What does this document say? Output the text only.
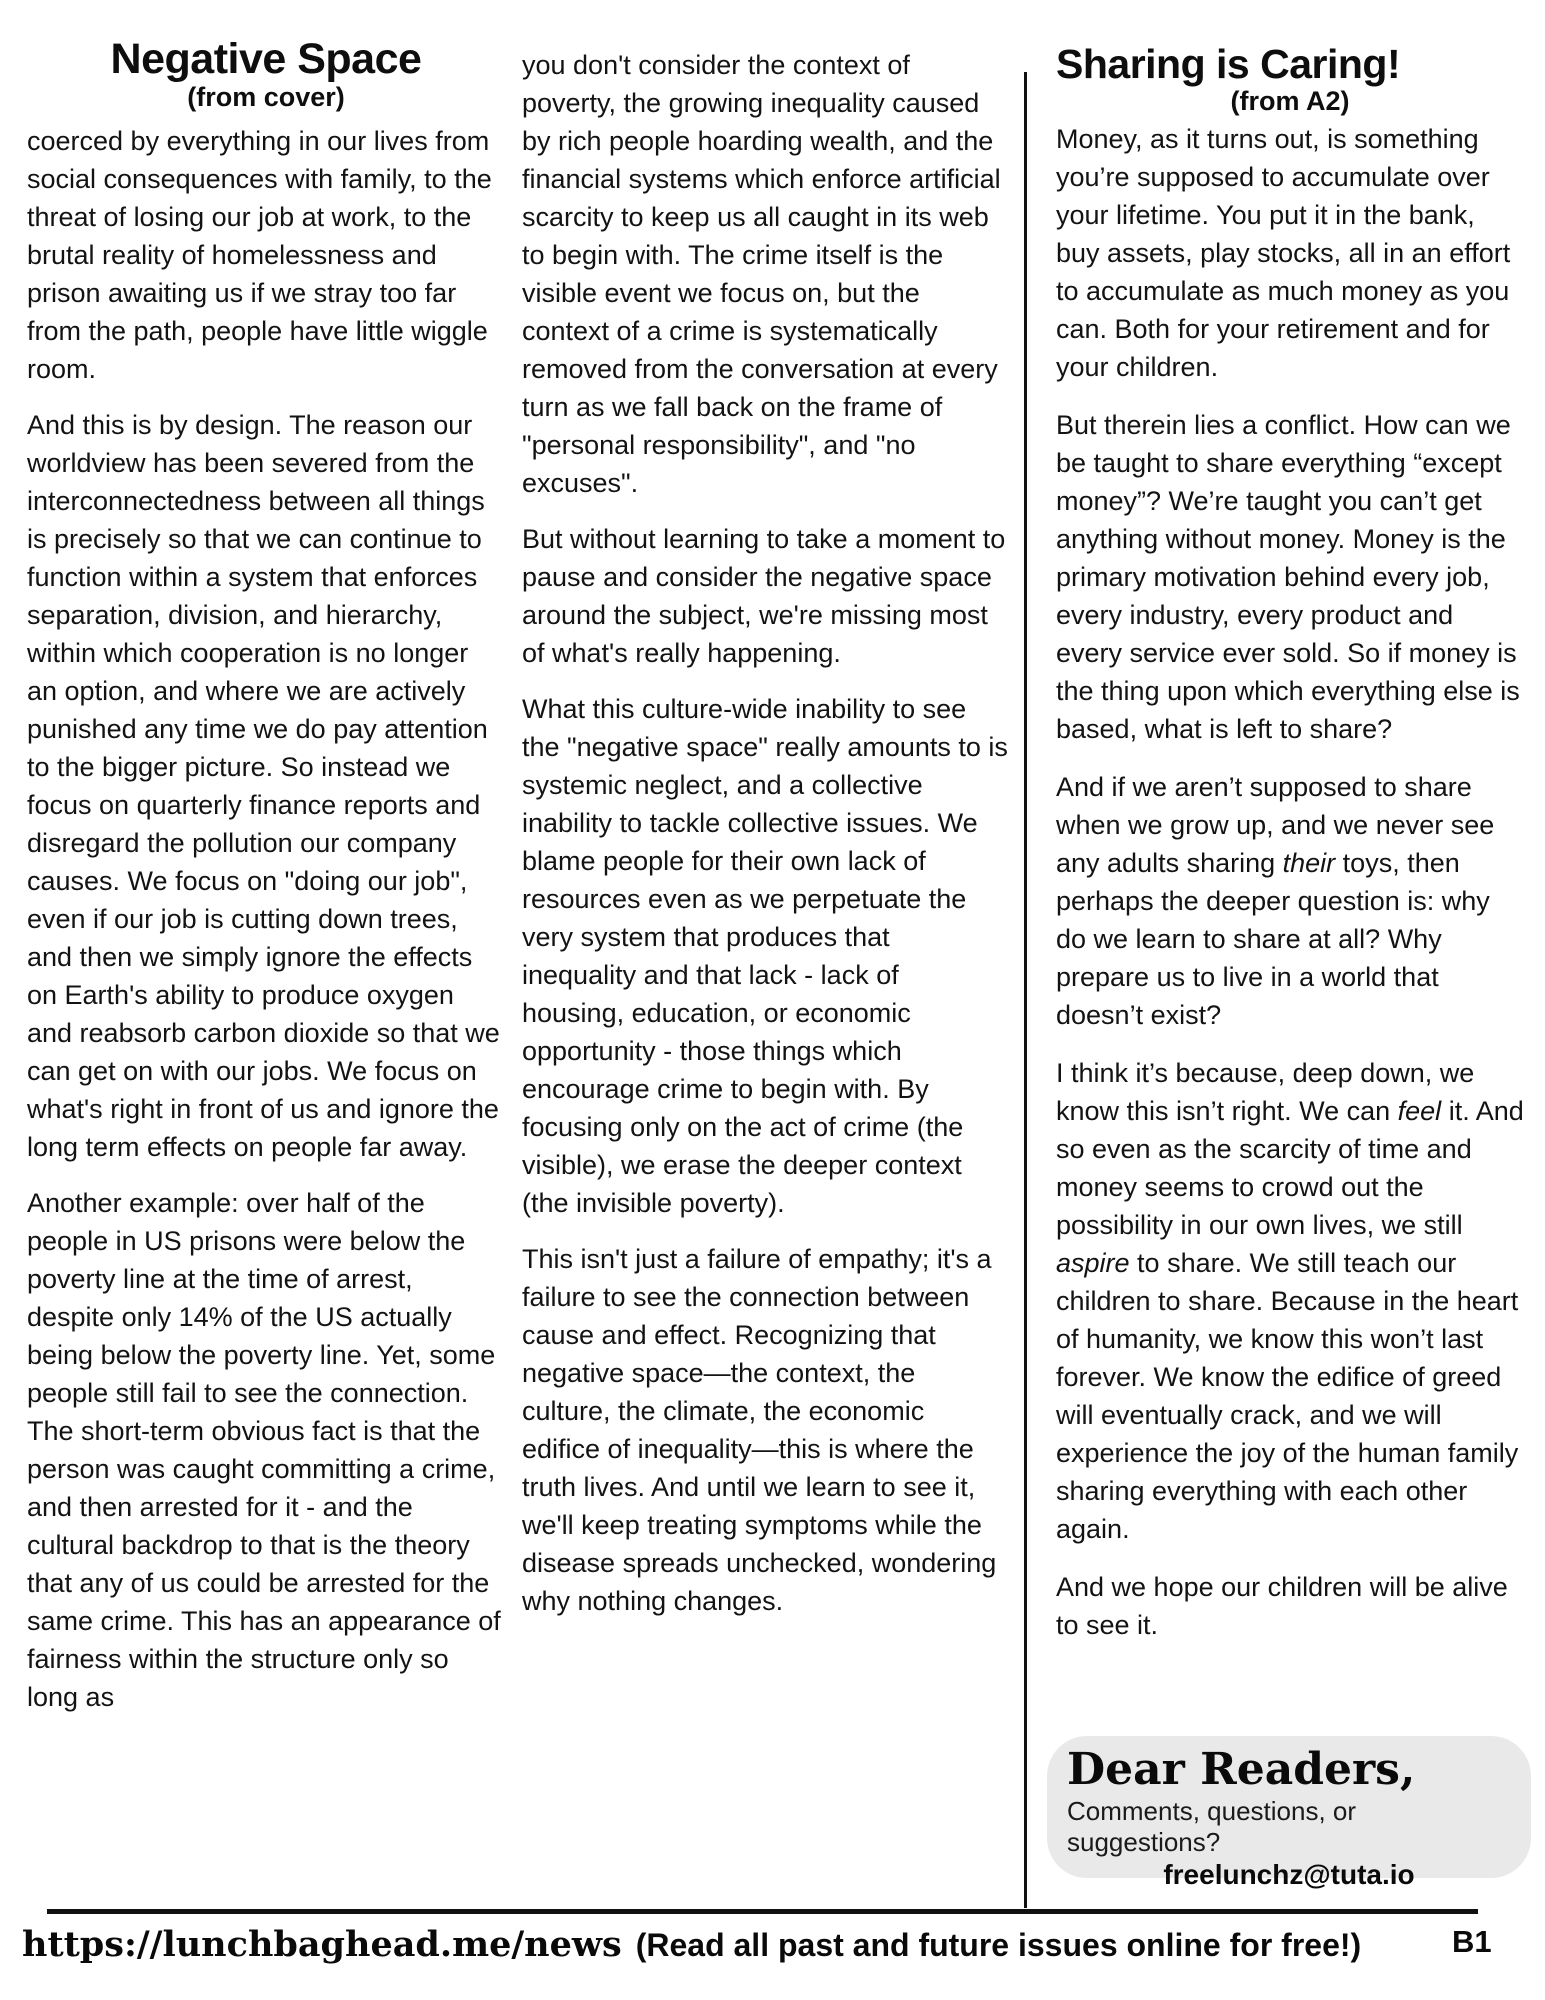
Negative Space
(from cover)

coerced by everything in our lives from social consequences with family, to the threat of losing our job at work, to the brutal reality of homelessness and prison awaiting us if we stray too far from the path, people have little wiggle room.

And this is by design. The reason our worldview has been severed from the interconnectedness between all things is precisely so that we can continue to function within a system that enforces separation, division, and hierarchy, within which cooperation is no longer an option, and where we are actively punished any time we do pay attention to the bigger picture. So instead we focus on quarterly finance reports and disregard the pollution our company causes. We focus on "doing our job", even if our job is cutting down trees, and then we simply ignore the effects on Earth's ability to produce oxygen and reabsorb carbon dioxide so that we can get on with our jobs. We focus on what's right in front of us and ignore the long term effects on people far away.

Another example: over half of the people in US prisons were below the poverty line at the time of arrest, despite only 14% of the US actually being below the poverty line. Yet, some people still fail to see the connection. The short-term obvious fact is that the person was caught committing a crime, and then arrested for it - and the cultural backdrop to that is the theory that any of us could be arrested for the same crime. This has an appearance of fairness within the structure only so long as

you don't consider the context of poverty, the growing inequality caused by rich people hoarding wealth, and the financial systems which enforce artificial scarcity to keep us all caught in its web to begin with. The crime itself is the visible event we focus on, but the context of a crime is systematically removed from the conversation at every turn as we fall back on the frame of "personal responsibility", and "no excuses".

But without learning to take a moment to pause and consider the negative space around the subject, we're missing most of what's really happening.

What this culture-wide inability to see the "negative space" really amounts to is systemic neglect, and a collective inability to tackle collective issues. We blame people for their own lack of resources even as we perpetuate the very system that produces that inequality and that lack - lack of housing, education, or economic opportunity - those things which encourage crime to begin with. By focusing only on the act of crime (the visible), we erase the deeper context (the invisible poverty).

This isn't just a failure of empathy; it's a failure to see the connection between cause and effect. Recognizing that negative space—the context, the culture, the climate, the economic edifice of inequality—this is where the truth lives. And until we learn to see it, we'll keep treating symptoms while the disease spreads unchecked, wondering why nothing changes.

Sharing is Caring!
(from A2)

Money, as it turns out, is something you’re supposed to accumulate over your lifetime. You put it in the bank, buy assets, play stocks, all in an effort to accumulate as much money as you can. Both for your retirement and for your children.

But therein lies a conflict. How can we be taught to share everything “except money”? We’re taught you can’t get anything without money. Money is the primary motivation behind every job, every industry, every product and every service ever sold. So if money is the thing upon which everything else is based, what is left to share?

And if we aren’t supposed to share when we grow up, and we never see any adults sharing their toys, then perhaps the deeper question is: why do we learn to share at all? Why prepare us to live in a world that doesn’t exist?

I think it’s because, deep down, we know this isn’t right. We can feel it. And so even as the scarcity of time and money seems to crowd out the possibility in our own lives, we still aspire to share. We still teach our children to share. Because in the heart of humanity, we know this won’t last forever. We know the edifice of greed will eventually crack, and we will experience the joy of the human family sharing everything with each other again.

And we hope our children will be alive to see it.

Dear Readers,
Comments, questions, or suggestions?
freelunchz@tuta.io
https://lunchbaghead.me/news (Read all past and future issues online for free!)	B1
